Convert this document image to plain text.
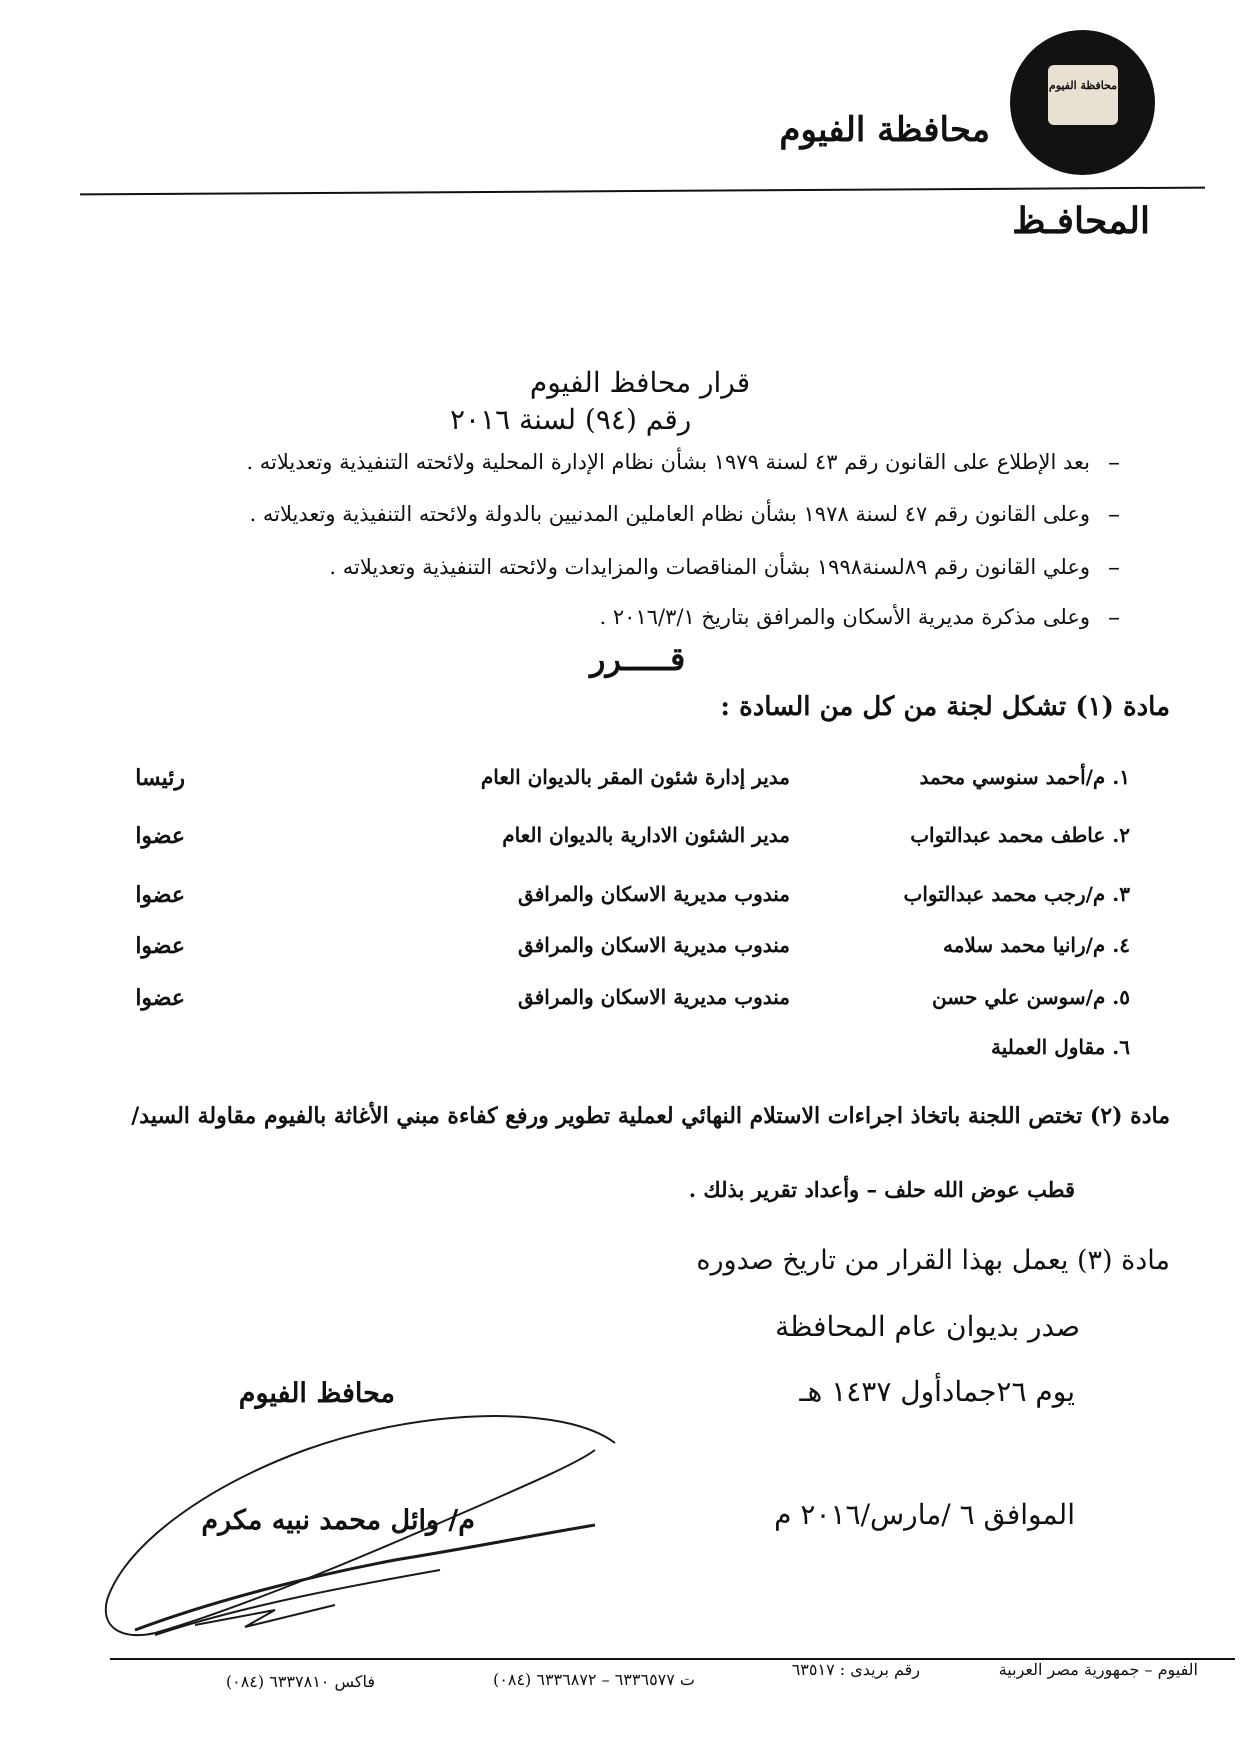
محافظة الفيوم
محافظة الفيوم
المحافـظ
قرار محافظ الفيوم
رقم (٩٤) لسنة ٢٠١٦
–
بعد الإطلاع على القانون رقم ٤٣ لسنة ١٩٧٩ بشأن نظام الإدارة المحلية ولائحته التنفيذية وتعديلاته .
–
وعلى القانون رقم ٤٧ لسنة ١٩٧٨ بشأن نظام العاملين المدنيين بالدولة ولائحته التنفيذية وتعديلاته .
–
وعلي القانون رقم ٨٩لسنة١٩٩٨ بشأن المناقصات والمزايدات ولائحته التنفيذية وتعديلاته .
–
وعلى مذكرة مديرية الأسكان والمرافق بتاريخ ٢٠١٦/٣/١ .
قـــــرر
مادة (١) تشكل لجنة من كل من السادة :
١. م/أحمد سنوسي محمد
مدير إدارة شئون المقر بالديوان العام
رئيسا
٢. عاطف محمد عبدالتواب
مدير الشئون الادارية بالديوان العام
عضوا
٣. م/رجب محمد عبدالتواب
مندوب مديرية الاسكان والمرافق
عضوا
٤. م/رانيا محمد سلامه
مندوب مديرية الاسكان والمرافق
عضوا
٥. م/سوسن علي حسن
مندوب مديرية الاسكان والمرافق
عضوا
٦. مقاول العملية
مادة (٢) تختص اللجنة باتخاذ اجراءات الاستلام النهائي لعملية تطوير ورفع كفاءة مبني الأغاثة بالفيوم مقاولة السيد/
قطب عوض الله حلف – وأعداد تقرير بذلك .
مادة (٣) يعمل بهذا القرار من تاريخ صدوره
صدر بديوان عام المحافظة
يوم ٢٦جمادأول ١٤٣٧ هـ
الموافق ٦ /مارس/٢٠١٦ م
محافظ الفيوم
م/ وائل محمد نبيه مكرم
الفيوم – جمهورية مصر العربية
رقم بريدى : ٦٣٥١٧
ت ٦٣٣٦٥٧٧ – ٦٣٣٦٨٧٢ (٠٨٤)
فاكس ٦٣٣٧٨١٠ (٠٨٤)
